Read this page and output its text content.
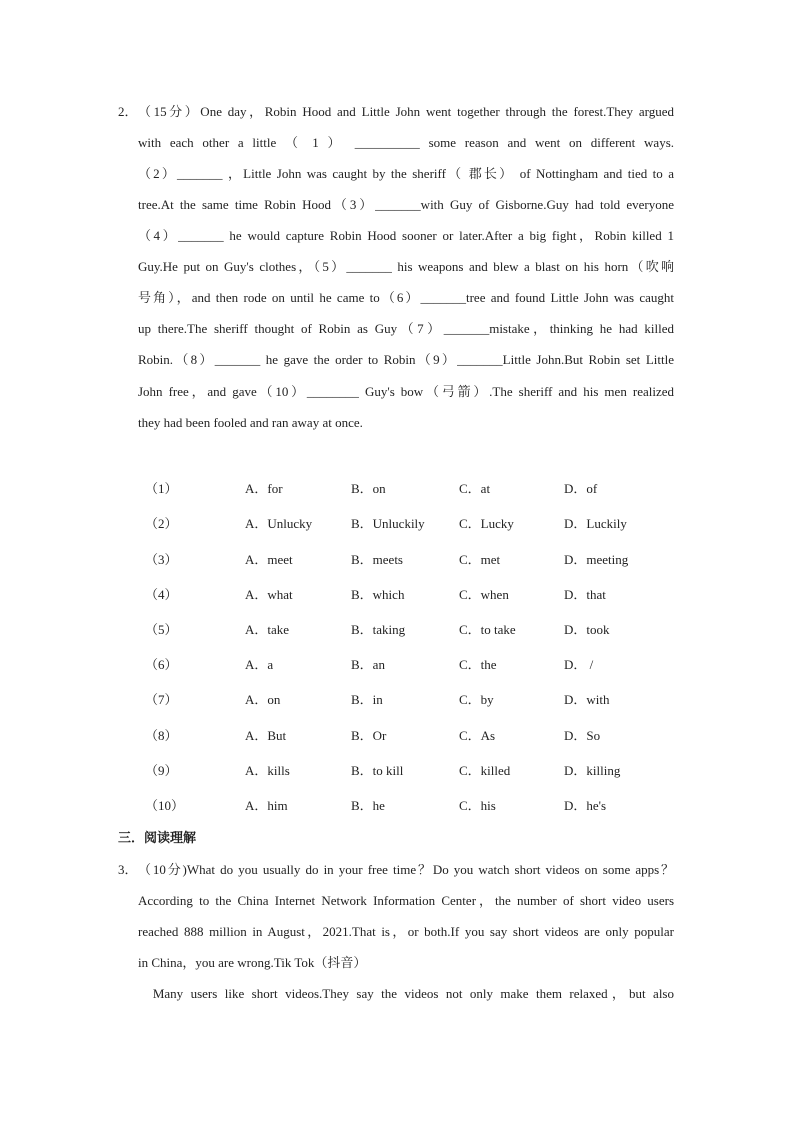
2． （15分）One day，Robin Hood and Little John went together through the forest.They argued
with each other a little （ 1 ） __________ some reason and went on different ways.
（2）_______ ，Little John was caught by the sheriff（ 郡长） of Nottingham and tied to a
tree.At the same time Robin Hood（3）_______with Guy of Gisborne.Guy had told everyone
（4）_______ he would capture Robin Hood sooner or later.After a big fight，Robin killed 1
Guy.He put on Guy's clothes，（5）_______ his weapons and blew a blast on his horn（吹响
号角），and then rode on until he came to（6）_______tree and found Little John was caught
up there.The sheriff thought of Robin as Guy（7）_______mistake，thinking he had killed
Robin.（8）_______ he gave the order to Robin（9）_______Little John.But Robin set Little
John free，and gave（10）________ Guy's bow（弓箭）.The sheriff and his men realized
they had been fooled and ran away at once.
（1）	A．for	B．on	C．at	D．of
（2）	A．Unlucky	B．Unluckily	C．Lucky	D．Luckily
（3）	A．meet	B．meets	C．met	D．meeting
（4）	A．what	B．which	C．when	D．that
（5）	A．take	B．taking	C．to take	D．took
（6）	A．a	B．an	C．the	D． /
（7）	A．on	B．in	C．by	D．with
（8）	A．But	B．Or	C．As	D．So
（9）	A．kills	B．to kill	C．killed	D．killing
（10）	A．him	B．he	C．his	D．he's
三．阅读理解
3． （10分)What do you usually do in your free time？Do you watch short videos on some apps？
According to the China Internet Network Information Center，the number of short video users
reached 888 million in August，2021.That is，or both.If you say short videos are only popular
in China，you are wrong.Tik Tok（抖音）
Many users like short videos.They say the videos not only make them relaxed，but also
